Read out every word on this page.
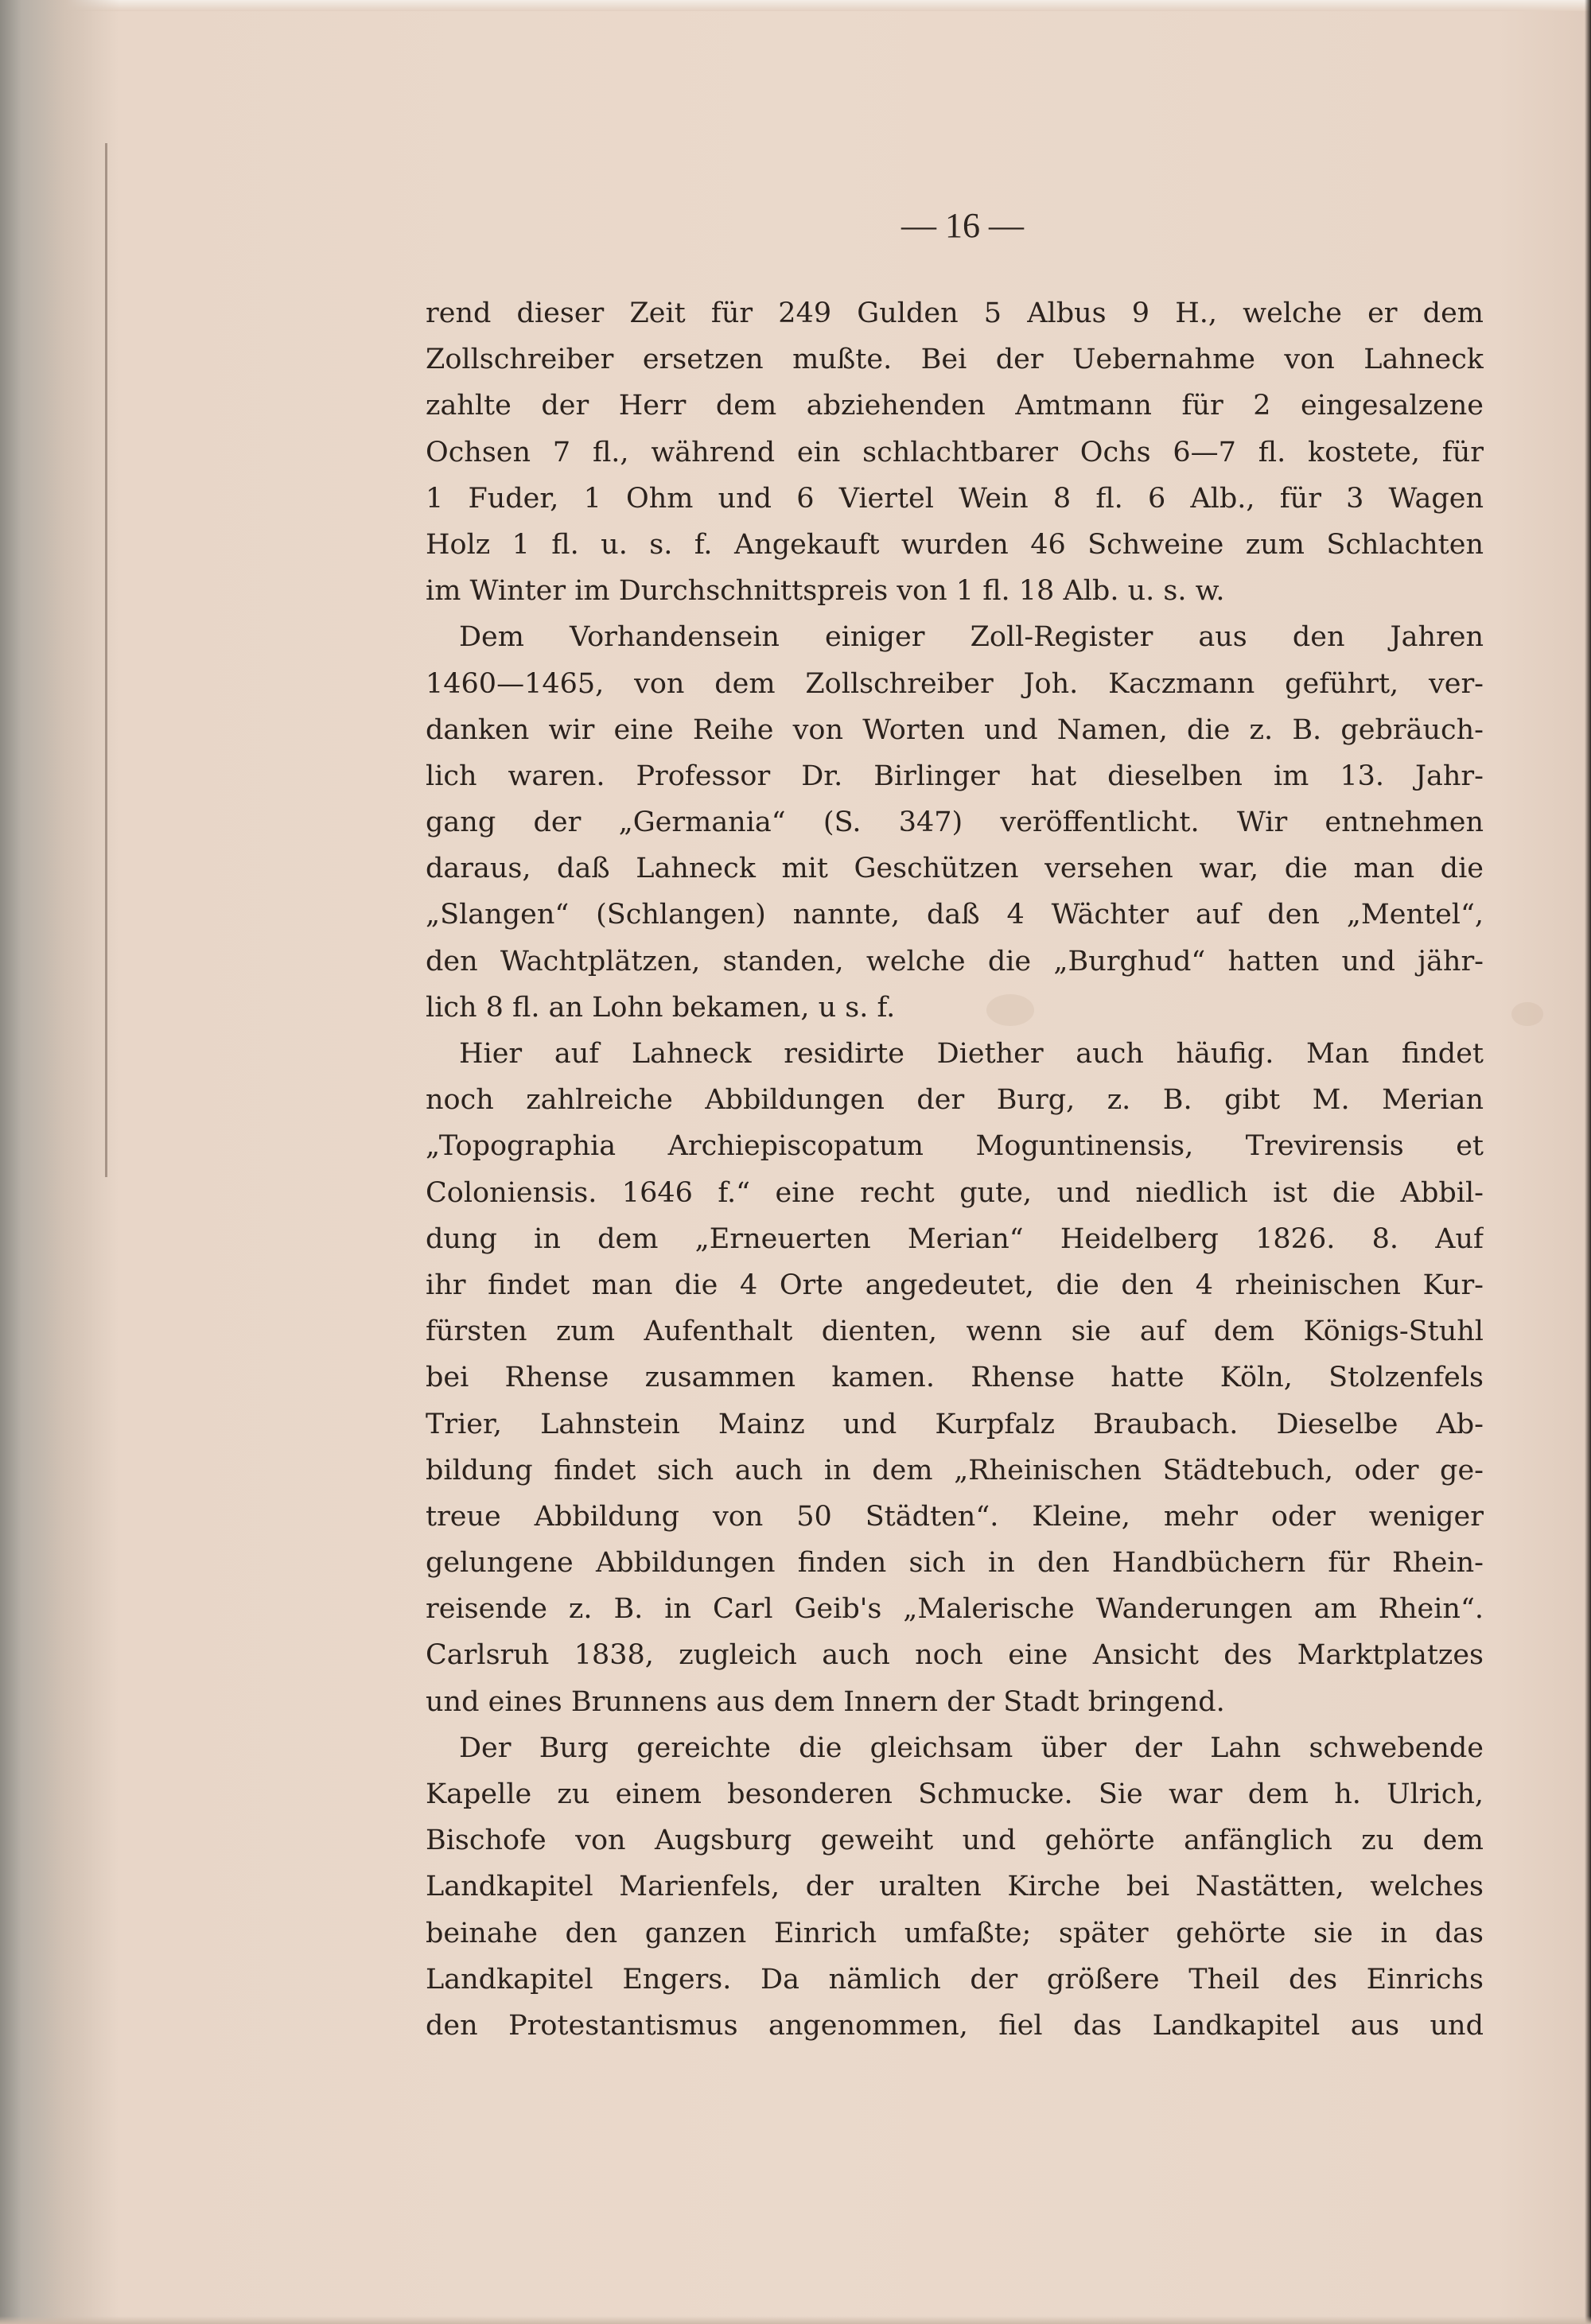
— 16 —
rend dieser Zeit für 249 Gulden 5 Albus 9 H., welche er dem
Zollschreiber ersetzen mußte. Bei der Uebernahme von Lahneck
zahlte der Herr dem abziehenden Amtmann für 2 eingesalzene
Ochsen 7 fl., während ein schlachtbarer Ochs 6—7 fl. kostete, für
1 Fuder, 1 Ohm und 6 Viertel Wein 8 fl. 6 Alb., für 3 Wagen
Holz 1 fl. u. s. f. Angekauft wurden 46 Schweine zum Schlachten
im Winter im Durchschnittspreis von 1 fl. 18 Alb. u. s. w.
Dem Vorhandensein einiger Zoll-Register aus den Jahren
1460—1465, von dem Zollschreiber Joh. Kaczmann geführt, ver-
danken wir eine Reihe von Worten und Namen, die z. B. gebräuch-
lich waren. Professor Dr. Birlinger hat dieselben im 13. Jahr-
gang der „Germania“ (S. 347) veröffentlicht. Wir entnehmen
daraus, daß Lahneck mit Geschützen versehen war, die man die
„Slangen“ (Schlangen) nannte, daß 4 Wächter auf den „Mentel“,
den Wachtplätzen, standen, welche die „Burghud“ hatten und jähr-
lich 8 fl. an Lohn bekamen, u s. f.
Hier auf Lahneck residirte Diether auch häufig. Man findet
noch zahlreiche Abbildungen der Burg, z. B. gibt M. Merian
„Topographia Archiepiscopatum Moguntinensis, Trevirensis et
Coloniensis. 1646 f.“ eine recht gute, und niedlich ist die Abbil-
dung in dem „Erneuerten Merian“ Heidelberg 1826. 8. Auf
ihr findet man die 4 Orte angedeutet, die den 4 rheinischen Kur-
fürsten zum Aufenthalt dienten, wenn sie auf dem Königs-Stuhl
bei Rhense zusammen kamen. Rhense hatte Köln, Stolzenfels
Trier, Lahnstein Mainz und Kurpfalz Braubach. Dieselbe Ab-
bildung findet sich auch in dem „Rheinischen Städtebuch, oder ge-
treue Abbildung von 50 Städten“. Kleine, mehr oder weniger
gelungene Abbildungen finden sich in den Handbüchern für Rhein-
reisende z. B. in Carl Geib's „Malerische Wanderungen am Rhein“.
Carlsruh 1838, zugleich auch noch eine Ansicht des Marktplatzes
und eines Brunnens aus dem Innern der Stadt bringend.
Der Burg gereichte die gleichsam über der Lahn schwebende
Kapelle zu einem besonderen Schmucke. Sie war dem h. Ulrich,
Bischofe von Augsburg geweiht und gehörte anfänglich zu dem
Landkapitel Marienfels, der uralten Kirche bei Nastätten, welches
beinahe den ganzen Einrich umfaßte; später gehörte sie in das
Landkapitel Engers. Da nämlich der größere Theil des Einrichs
den Protestantismus angenommen, fiel das Landkapitel aus und
